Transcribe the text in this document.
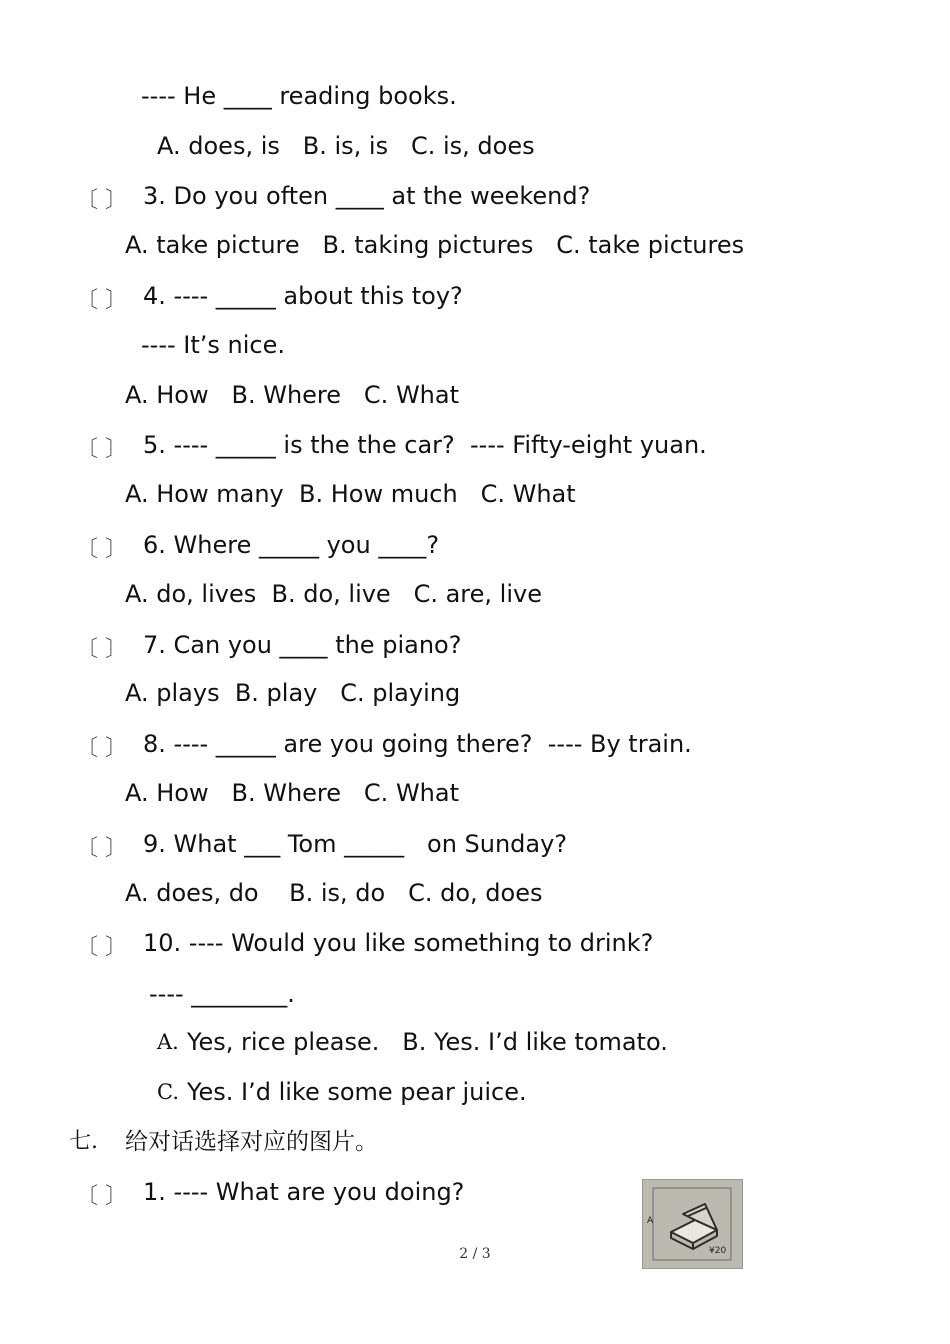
---- He ____ reading books.
A. does, is   B. is, is   C. is, does
〔 〕 3. Do you often ____ at the weekend?
A. take picture   B. taking pictures   C. take pictures
〔 〕 4. ---- _____ about this toy?
---- It’s nice.
A. How   B. Where   C. What
〔 〕 5. ---- _____ is the the car?  ---- Fifty-eight yuan.
A. How many  B. How much   C. What
〔 〕 6. Where _____ you ____?
A. do, lives  B. do, live   C. are, live
〔 〕 7. Can you ____ the piano?
A. plays  B. play   C. playing
〔 〕 8. ---- _____ are you going there?  ---- By train.
A. How   B. Where   C. What
〔 〕 9. What ___ Tom _____   on Sunday?
A. does, do    B. is, do   C. do, does
〔 〕 10. ---- Would you like something to drink?
---- ________.
A. Yes, rice please.   B. Yes. I’d like tomato.
C. Yes. I’d like some pear juice.
七. 给对话选择对应的图片。
〔 〕 1. ---- What are you doing?
A
¥20
2 / 3
